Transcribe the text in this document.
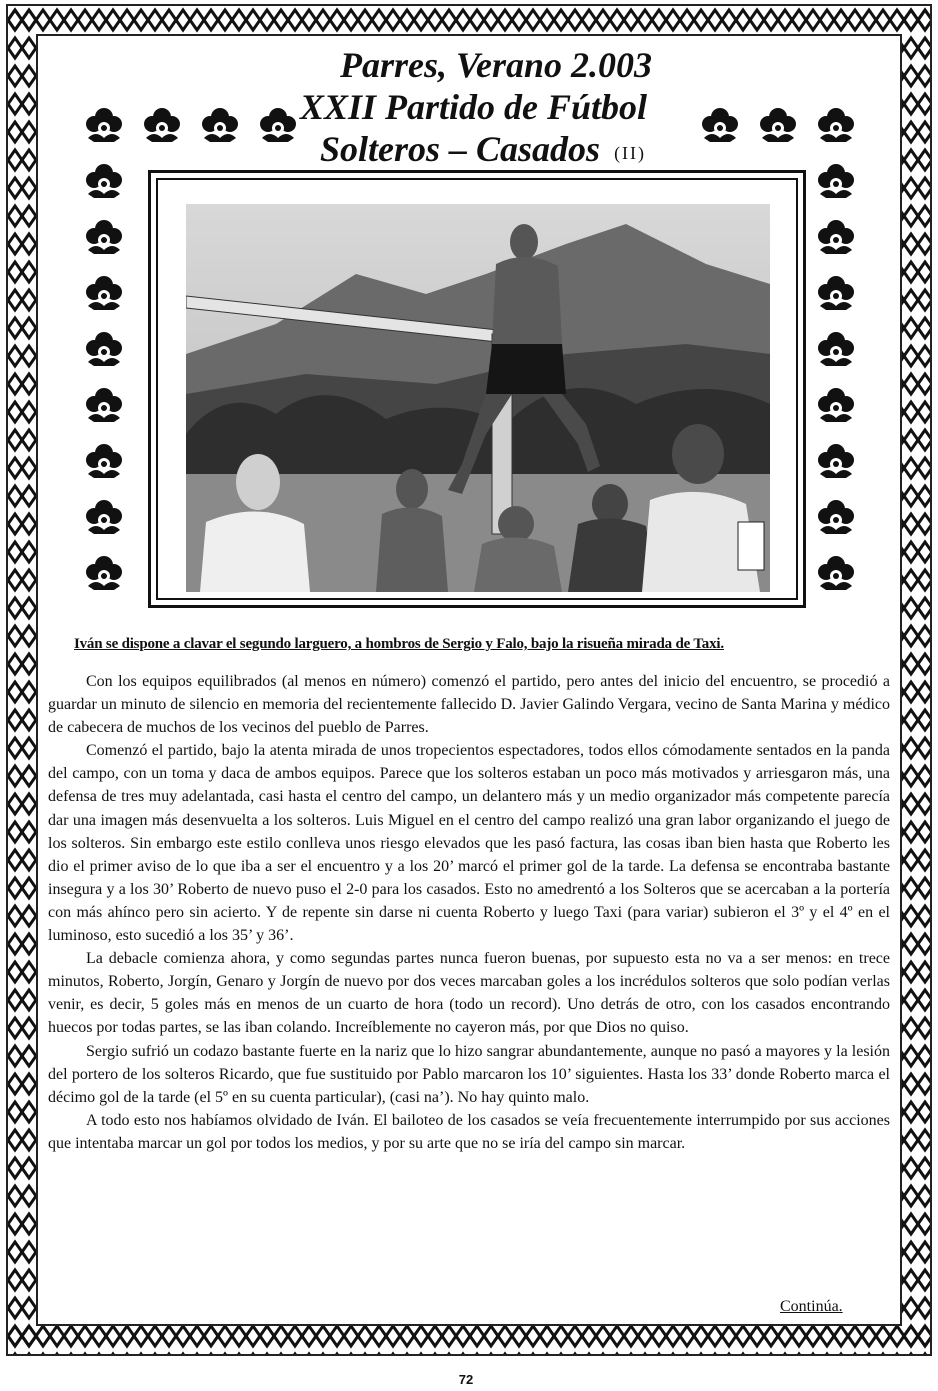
Parres, Verano 2.003
XXII Partido de Fútbol
Solteros – Casados (II)
Iván se dispone a clavar el segundo larguero, a hombros de Sergio y Falo, bajo la risueña mirada de Taxi.

Con los equipos equilibrados (al menos en número) comenzó el partido, pero antes del inicio del encuentro, se procedió a guardar un minuto de silencio en memoria del recientemente fallecido D. Javier Galindo Vergara, vecino de Santa Marina y médico de cabecera de muchos de los vecinos del pueblo de Parres.

Comenzó el partido, bajo la atenta mirada de unos tropecientos espectadores, todos ellos cómodamente sentados en la panda del campo, con un toma y daca de ambos equipos. Parece que los solteros estaban un poco más motivados y arriesgaron más, una defensa de tres muy adelantada, casi hasta el centro del campo, un delantero más y un medio organizador más competente parecía dar una imagen más desenvuelta a los solteros. Luis Miguel en el centro del campo realizó una gran labor organizando el juego de los solteros. Sin embargo este estilo conlleva unos riesgo elevados que les pasó factura, las cosas iban bien hasta que Roberto les dio el primer aviso de lo que iba a ser el encuentro y a los 20’ marcó el primer gol de la tarde. La defensa se encontraba bastante insegura y a los 30’ Roberto de nuevo puso el 2-0 para los casados. Esto no amedrentó a los Solteros que se acercaban a la portería con más ahínco pero sin acierto. Y de repente sin darse ni cuenta Roberto y luego Taxi (para variar) subieron el 3º y el 4º en el luminoso, esto sucedió a los 35’ y 36’.

La debacle comienza ahora, y como segundas partes nunca fueron buenas, por supuesto esta no va a ser menos: en trece minutos, Roberto, Jorgín, Genaro y Jorgín de nuevo por dos veces marcaban goles a los incrédulos solteros que solo podían verlas venir, es decir, 5 goles más en menos de un cuarto de hora (todo un record). Uno detrás de otro, con los casados encontrando huecos por todas partes, se las iban colando. Increíblemente no cayeron más, por que Dios no quiso.

Sergio sufrió un codazo bastante fuerte en la nariz que lo hizo sangrar abundantemente, aunque no pasó a mayores y la lesión del portero de los solteros Ricardo, que fue sustituido por Pablo marcaron los 10’ siguientes. Hasta los 33’ donde Roberto marca el décimo gol de la tarde (el 5º en su cuenta particular), (casi na’). No hay quinto malo.

A todo esto nos habíamos olvidado de Iván. El bailoteo de los casados se veía frecuentemente interrumpido por sus acciones que intentaba marcar un gol por todos los medios, y por su arte que no se iría del campo sin marcar.

Continúa.
72
